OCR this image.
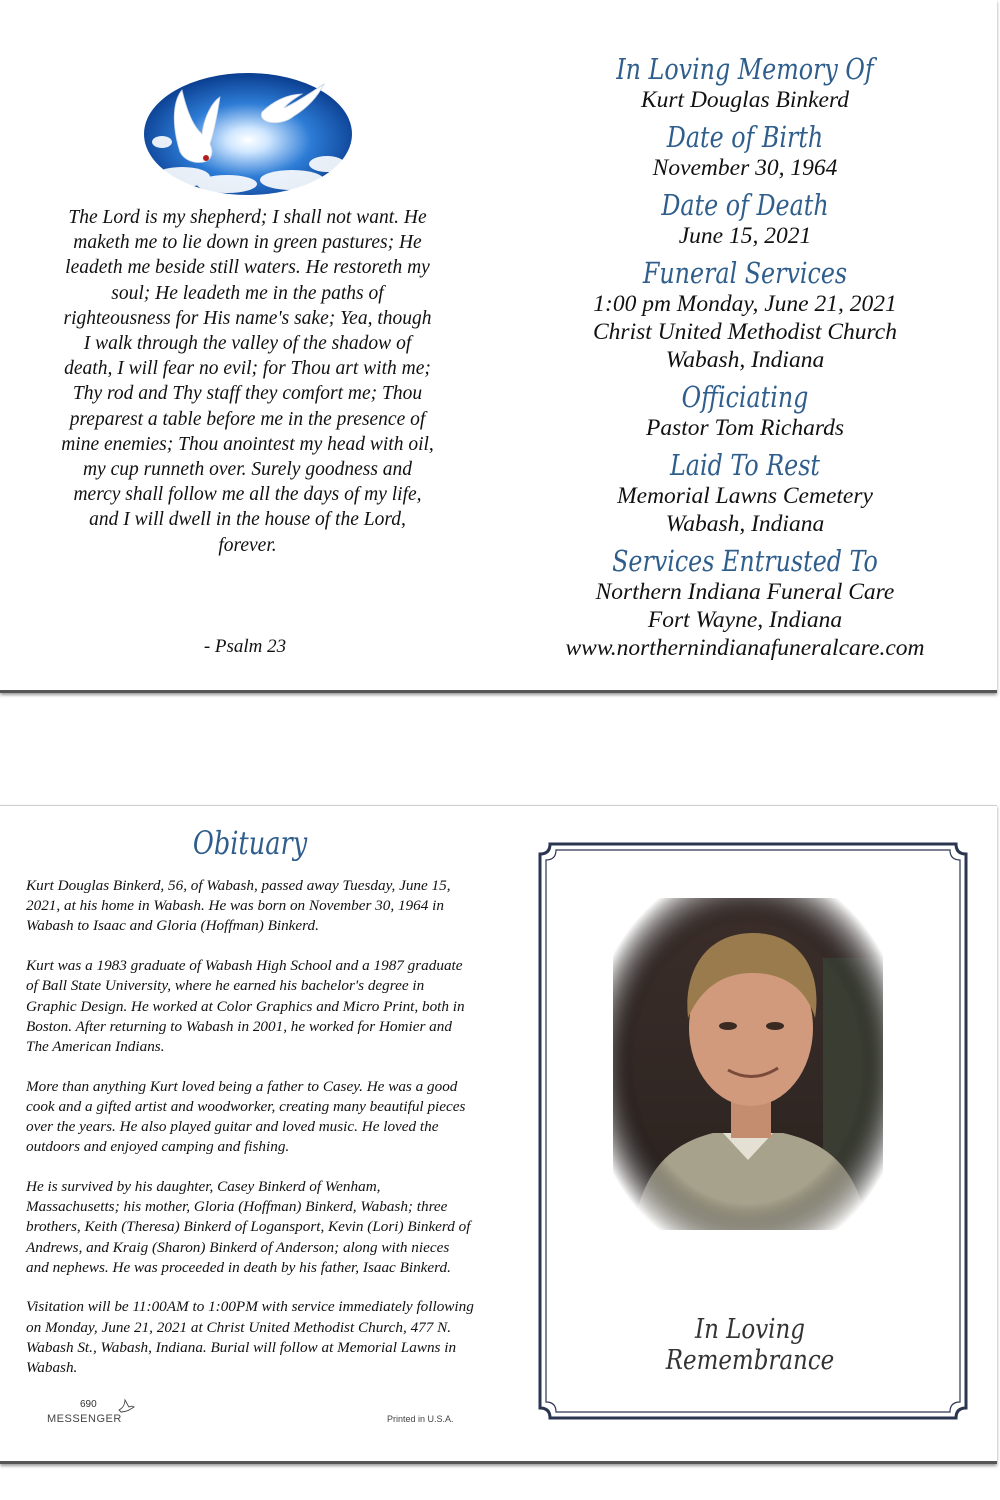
The Lord is my shepherd; I shall not want. He maketh me to lie down in green pastures; He leadeth me beside still waters. He restoreth my soul; He leadeth me in the paths of righteousness for His name's sake; Yea, though I walk through the valley of the shadow of death, I will fear no evil; for Thou art with me; Thy rod and Thy staff they comfort me; Thou preparest a table before me in the presence of mine enemies; Thou anointest my head with oil, my cup runneth over. Surely goodness and mercy shall follow me all the days of my life, and I will dwell in the house of the Lord, forever.
- Psalm 23
In Loving Memory Of
Kurt Douglas Binkerd
Date of Birth
November 30, 1964
Date of Death
June 15, 2021
Funeral Services
1:00 pm Monday, June 21, 2021
Christ United Methodist Church
Wabash, Indiana
Officiating
Pastor Tom Richards
Laid To Rest
Memorial Lawns Cemetery
Wabash, Indiana
Services Entrusted To
Northern Indiana Funeral Care
Fort Wayne, Indiana
www.northernindianafuneralcare.com
Obituary

Kurt Douglas Binkerd, 56, of Wabash, passed away Tuesday, June 15, 2021, at his home in Wabash. He was born on November 30, 1964 in Wabash to Isaac and Gloria (Hoffman) Binkerd.

Kurt was a 1983 graduate of Wabash High School and a 1987 graduate of Ball State University, where he earned his bachelor's degree in Graphic Design. He worked at Color Graphics and Micro Print, both in Boston. After returning to Wabash in 2001, he worked for Homier and The American Indians.

More than anything Kurt loved being a father to Casey. He was a good cook and a gifted artist and woodworker, creating many beautiful pieces over the years. He also played guitar and loved music. He loved the outdoors and enjoyed camping and fishing.

He is survived by his daughter, Casey Binkerd of Wenham, Massachusetts; his mother, Gloria (Hoffman) Binkerd, Wabash; three brothers, Keith (Theresa) Binkerd of Logansport, Kevin (Lori) Binkerd of Andrews, and Kraig (Sharon) Binkerd of Anderson; along with nieces and nephews. He was proceeded in death by his father, Isaac Binkerd.

Visitation will be 11:00AM to 1:00PM with service immediately following on Monday, June 21, 2021 at Christ United Methodist Church, 477 N. Wabash St., Wabash, Indiana. Burial will follow at Memorial Lawns in Wabash.

690
MESSENGER	Printed in U.S.A.
In Loving Remembrance
